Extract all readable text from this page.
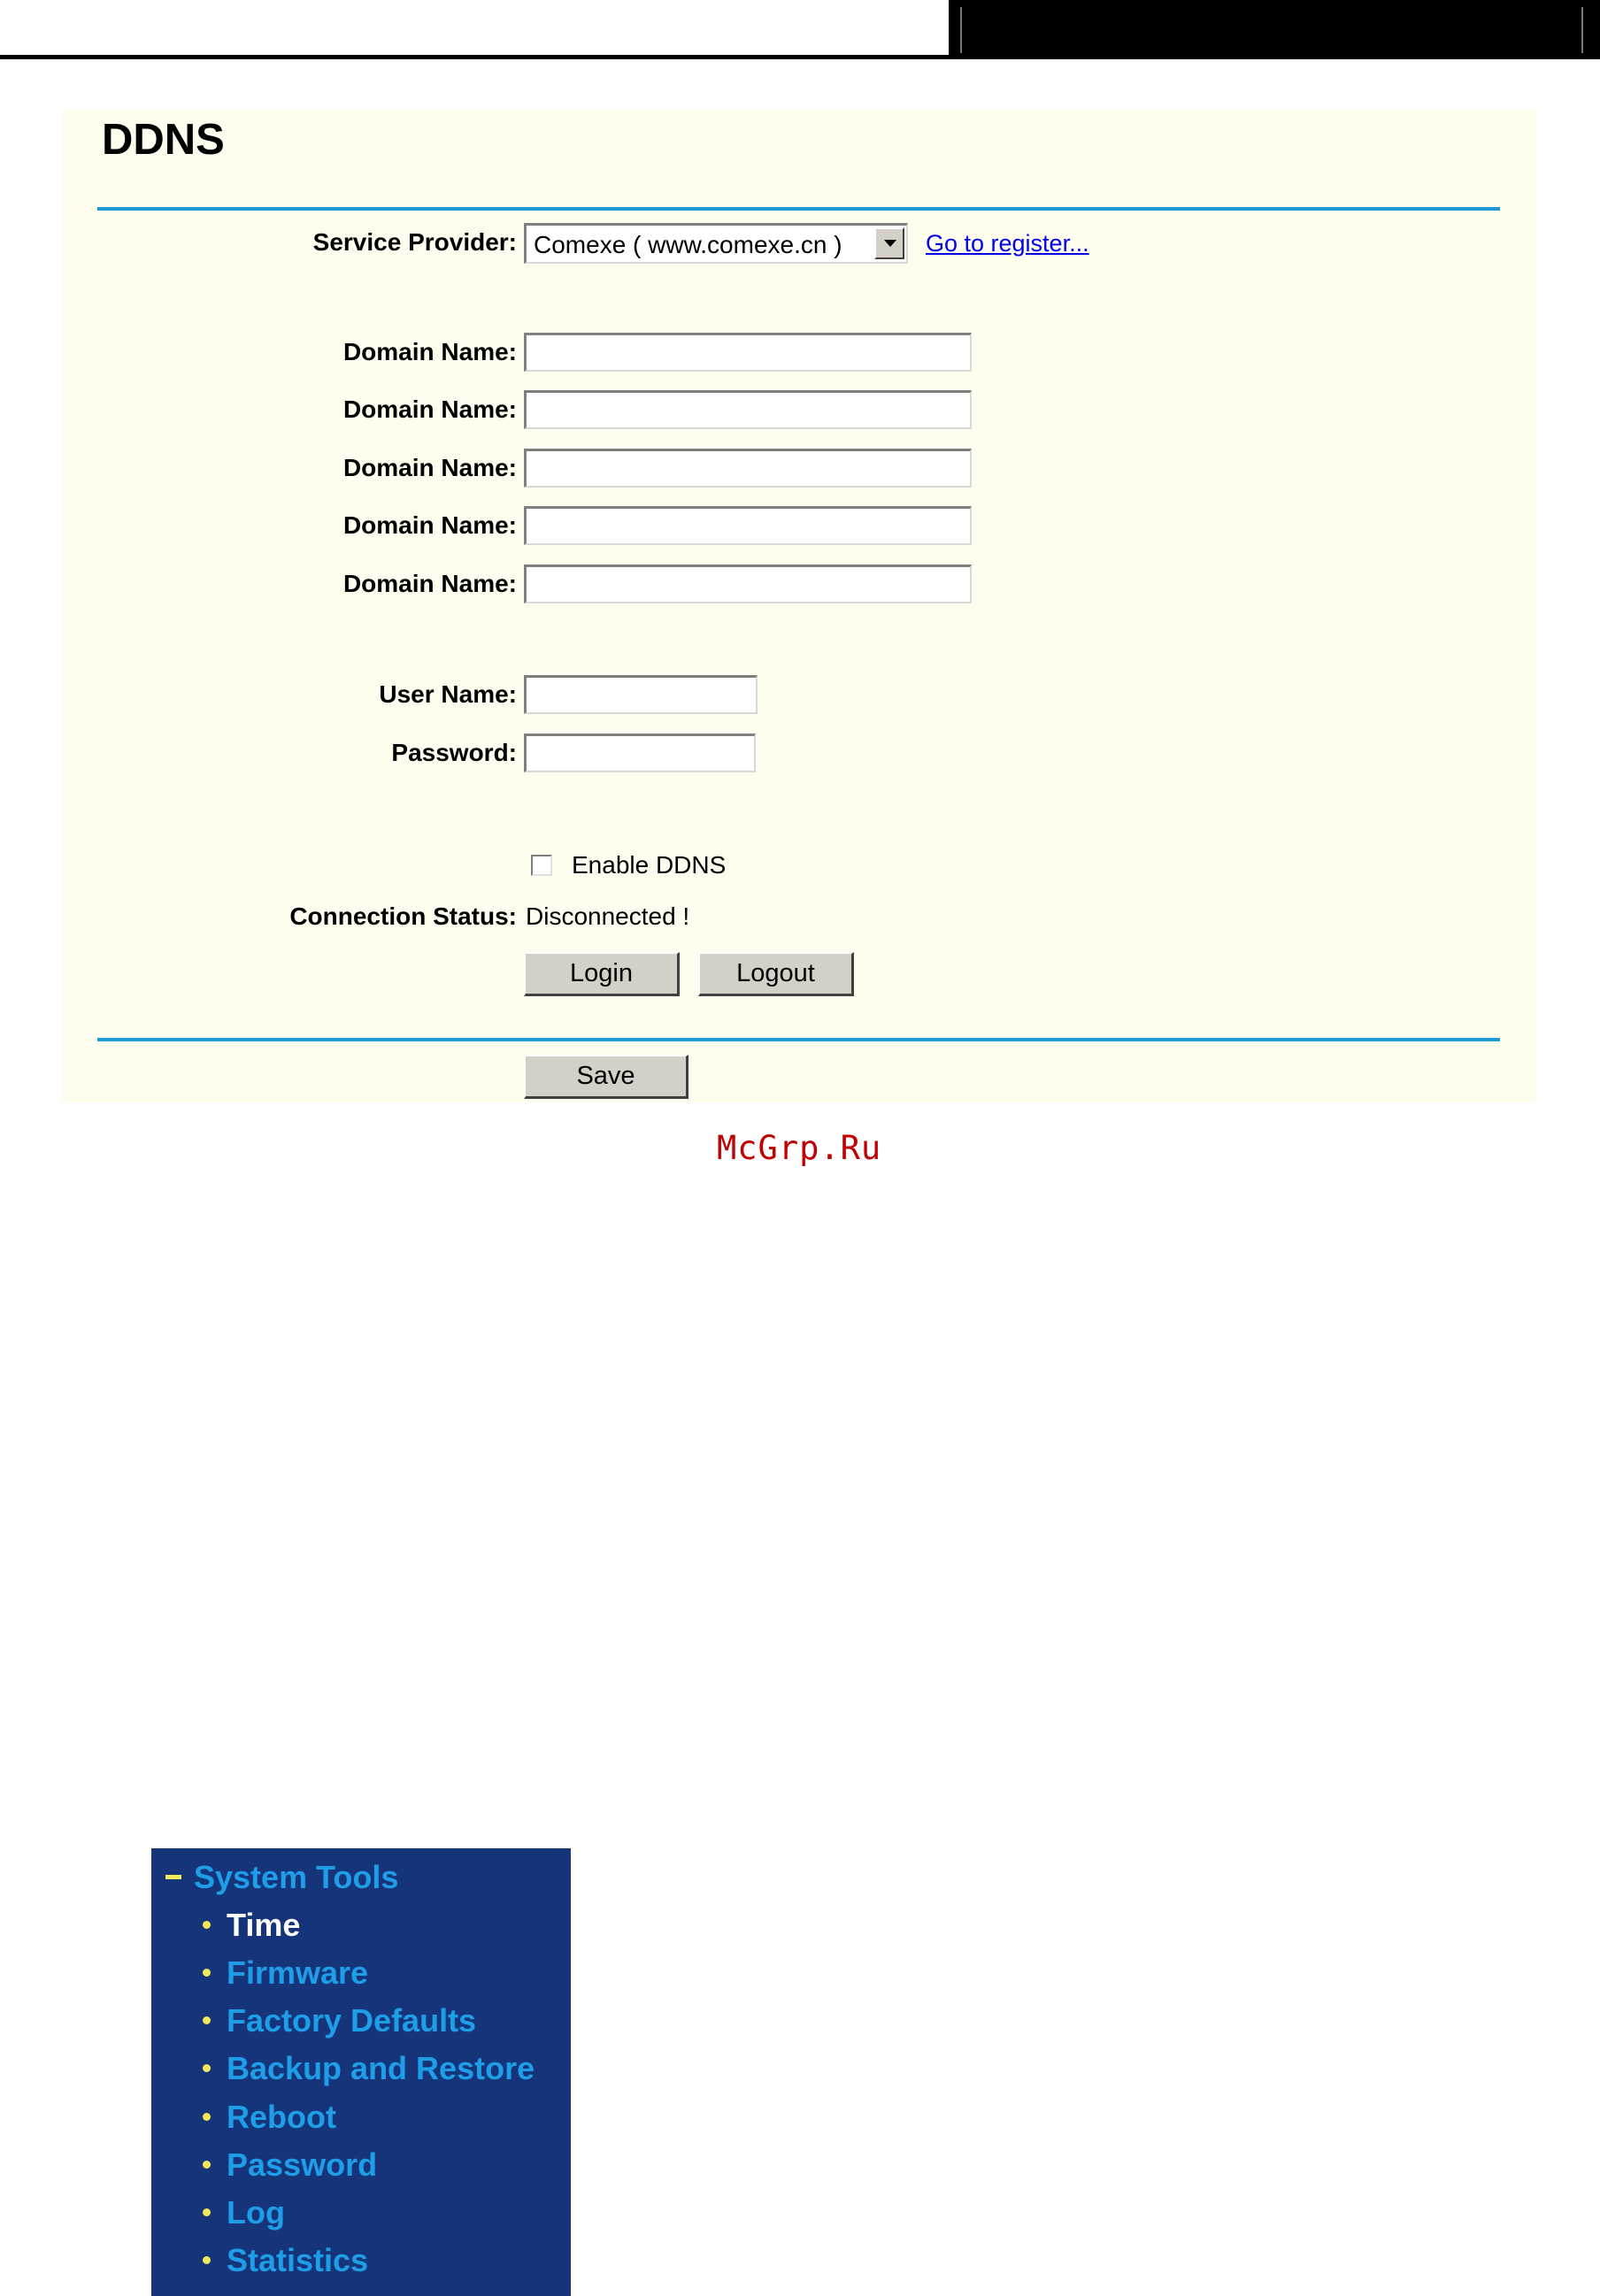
DDNS
Service Provider: Comexe ( www.comexe.cn )	Go to register...
Domain Name:
Domain Name:
Domain Name:
Domain Name:
Domain Name:
User Name:
Password:
Enable DDNS
Connection Status: Disconnected !
Login	Logout
Save
McGrp.Ru
System Tools
Time
Firmware
Factory Defaults
Backup and Restore
Reboot
Password
Log
Statistics
